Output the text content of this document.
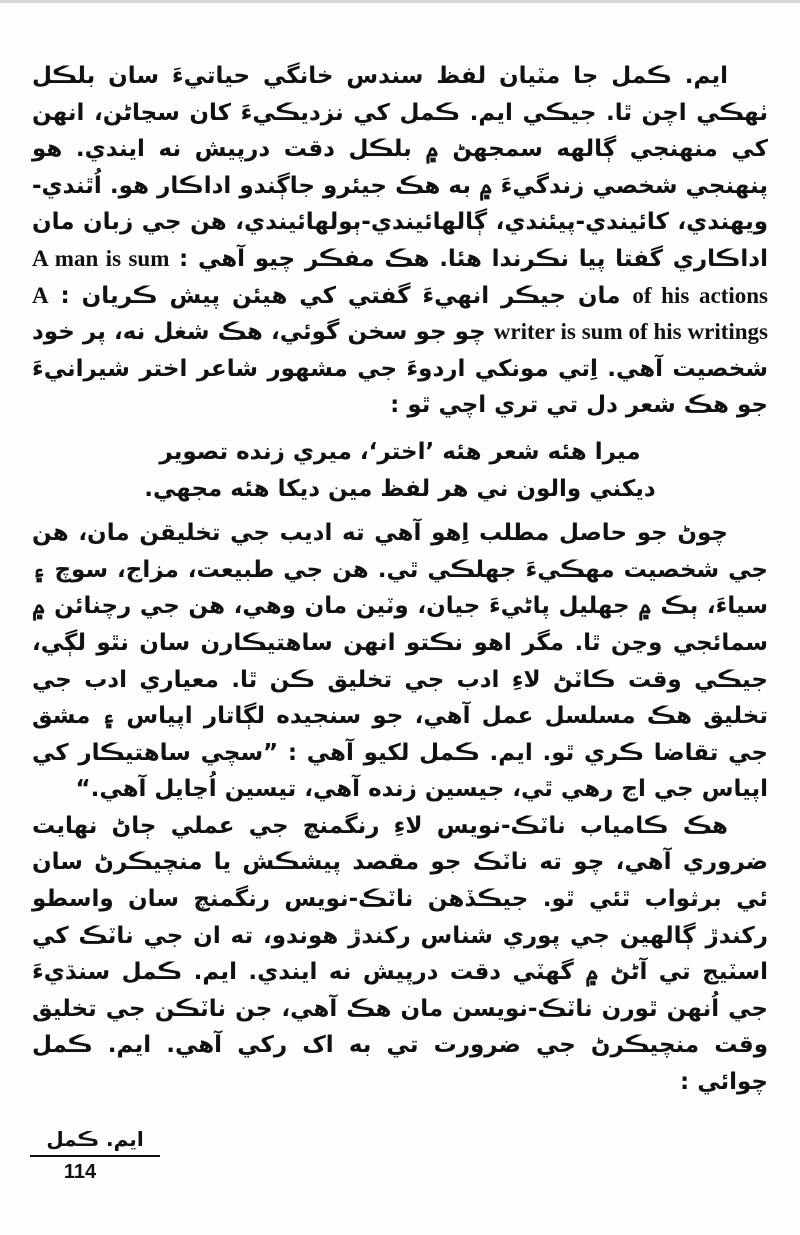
ايم. ڪمل جا مٽيان لفظ سندس خانگي حياتيءَ سان بلڪل ٺهڪي اچن ٿا. جيڪي ايم. ڪمل کي نزديڪيءَ کان سڃاڻن، انهن کي منهنجي ڳالهه سمجهڻ ۾ بلڪل دقت درپيش نه ايندي. هو پنهنجي شخصي زندگيءَ ۾ به هڪ جيئرو جاڳندو اداڪار هو. اُٿندي-ويهندي، کائيندي-پيئندي، ڳالهائيندي-ٻولهائيندي، هن جي زبان مان اداڪاري گفتا پيا نڪرندا هئا. هڪ مفڪر چيو آهي : A man is sum of his actions مان جيڪر انهيءَ گفتي کي هيئن پيش ڪريان : A writer is sum of his writings چو جو سخن گوئي، هڪ شغل نه، پر خود شخصيت آهي. اِتي مونکي اردوءَ جي مشهور شاعر اختر شيرانيءَ جو هڪ شعر دل تي تري اچي ٿو :

ميرا هئه شعر هئه ’اختر‘، ميري زنده تصوير
ديکني والون ني هر لفظ مين ديکا هئه مجهي.

چوڻ جو حاصل مطلب اِهو آهي ته اديب جي تخليقن مان، هن جي شخصيت مهڪيءَ جهلڪي ٿي. هن جي طبيعت، مزاج، سوچ ۽ سياءَ، ٻڪ ۾ جهليل پاڻيءَ جيان، وٽين مان وهي، هن جي رچنائن ۾ سمائجي وڃن ٿا. مگر اهو نڪتو انهن ساهتيڪارن سان نٿو لڳي، جيڪي وقت ڪاٽڻ لاءِ ادب جي تخليق ڪن ٿا. معياري ادب جي تخليق هڪ مسلسل عمل آهي، جو سنجيده لڳاتار اپياس ۽ مشق جي تقاضا ڪري ٿو. ايم. ڪمل لکيو آهي : ”سچي ساهتيڪار کي اپياس جي اڃ رهي ٿي، جيسين زنده آهي، تيسين اُڃايل آهي.“

هڪ ڪامياب ناٽڪ-نويس لاءِ رنگمنچ جي عملي ڄاڻ نهايت ضروري آهي، چو ته ناٽڪ جو مقصد پيشڪش يا منچيڪرڻ سان ئي برثواب ٿئي ٿو. جيڪڏهن ناٽڪ-نويس رنگمنچ سان واسطو رکندڙ ڳالهين جي پوري شناس رکندڙ هوندو، ته ان جي ناٽڪ کي اسٽيج تي آڻڻ ۾ گهٽي دقت درپيش نه ايندي. ايم. ڪمل سنڌيءَ جي اُنهن ٿورن ناٽڪ-نويسن مان هڪ آهي، جن ناٽڪن جي تخليق وقت منچيڪرڻ جي ضرورت تي به اک رکي آهي. ايم. ڪمل چوائي :

ايم. ڪمل
114
